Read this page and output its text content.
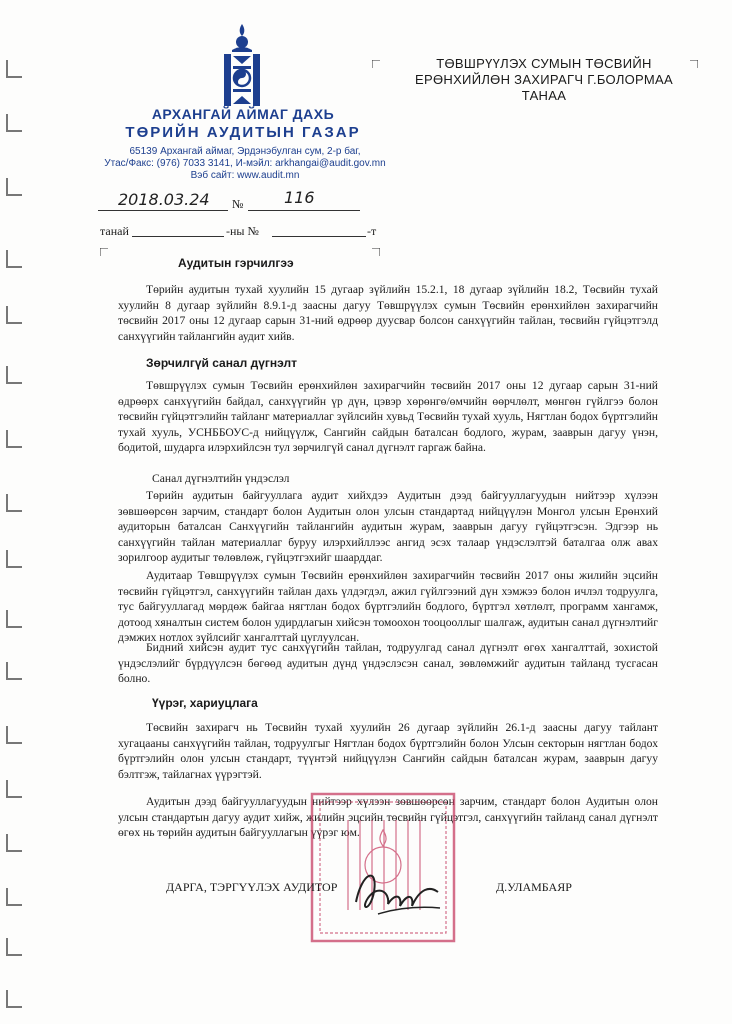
АРХАНГАЙ АЙМАГ ДАХЬ
ТӨРИЙН АУДИТЫН ГАЗАР
65139 Архангай аймаг, Эрдэнэбулган сум, 2-р баг,
Утас/Факс: (976) 7033 3141, И-мэйл: arkhangai@audit.gov.mn
Вэб сайт: www.audit.mn
ТӨВШРҮҮЛЭХ СУМЫН ТӨСВИЙН
ЕРӨНХИЙЛӨН ЗАХИРАГЧ Г.БОЛОРМАА
ТАНАА
2018.03.24 №	116
танай	-ны №	-т
Аудитын гэрчилгээ

Төрийн аудитын тухай хуулийн 15 дугаар зүйлийн 15.2.1, 18 дугаар зүйлийн 18.2, Төсвийн тухай хуулийн 8 дугаар зүйлийн 8.9.1-д заасны дагуу Төвшрүүлэх сумын Төсвийн ерөнхийлөн захирагчийн төсвийн 2017 оны 12 дугаар сарын 31-ний өдрөөр дуусвар болсон санхүүгийн тайлан, төсвийн гүйцэтгэлд санхүүгийн тайлангийн аудит хийв.

Зөрчилгүй санал дүгнэлт

Төвшрүүлэх сумын Төсвийн ерөнхийлөн захирагчийн төсвийн 2017 оны 12 дугаар сарын 31-ний өдрөөрх санхүүгийн байдал, санхүүгийн үр дүн, цэвэр хөрөнгө/өмчийн өөрчлөлт, мөнгөн гүйлгээ болон төсвийн гүйцэтгэлийн тайланг материаллаг зүйлсийн хувьд Төсвийн тухай хууль, Нягтлан бодох бүртгэлийн тухай хууль, УСНББОУС-д нийцүүлж, Сангийн сайдын баталсан бодлого, журам, зааврын дагуу үнэн, бодитой, шударга илэрхийлсэн тул зөрчилгүй санал дүгнэлт гаргаж байна.

Санал дүгнэлтийн үндэслэл

Төрийн аудитын байгууллага аудит хийхдээ Аудитын дээд байгууллагуудын нийтээр хүлээн зөвшөөрсөн зарчим, стандарт болон Аудитын олон улсын стандартад нийцүүлэн Монгол улсын Ерөнхий аудиторын баталсан Санхүүгийн тайлангийн аудитын журам, зааврын дагуу гүйцэтгэсэн. Эдгээр нь санхүүгийн тайлан материаллаг буруу илэрхийллээс ангид эсэх талаар үндэслэлтэй баталгаа олж авах зорилгоор аудитыг төлөвлөж, гүйцэтгэхийг шаарддаг.

Аудитаар Төвшрүүлэх сумын Төсвийн ерөнхийлөн захирагчийн төсвийн 2017 оны жилийн эцсийн төсвийн гүйцэтгэл, санхүүгийн тайлан дахь үлдэгдэл, ажил гүйлгээний дүн хэмжээ болон ичлэл тодруулга, тус байгууллагад мөрдөж байгаа нягтлан бодох бүртгэлийн бодлого, бүртгэл хөтлөлт, программ хангамж, дотоод хяналтын систем болон удирдлагын хийсэн томоохон тооцооллыг шалгаж, аудитын санал дүгнэлтийг дэмжих нотлох зүйлсийг хангалттай цуглуулсан.

Бидний хийсэн аудит тус санхүүгийн тайлан, тодруулгад санал дүгнэлт өгөх хангалттай, зохистой үндэслэлийг бүрдүүлсэн бөгөөд аудитын дүнд үндэслэсэн санал, зөвлөмжийг аудитын тайланд тусгасан болно.

Үүрэг, хариуцлага

Төсвийн захирагч нь Төсвийн тухай хуулийн 26 дугаар зүйлийн 26.1-д заасны дагуу тайлант хугацааны санхүүгийн тайлан, тодруулгыг Нягтлан бодох бүртгэлийн болон Улсын секторын нягтлан бодох бүртгэлийн олон улсын стандарт, түүнтэй нийцүүлэн Сангийн сайдын баталсан журам, зааврын дагуу бэлтгэж, тайлагнах үүрэгтэй.

Аудитын дээд байгууллагуудын нийтээр хүлээн зөвшөөрсөн зарчим, стандарт болон Аудитын олон улсын стандартын дагуу аудит хийж, жилийн эцсийн төсвийн гүйцэтгэл, санхүүгийн тайланд санал дүгнэлт өгөх нь төрийн аудитын байгууллагын үүрэг юм.

ДАРГА, ТЭРГҮҮЛЭХ АУДИТОР	Д.УЛАМБАЯР
